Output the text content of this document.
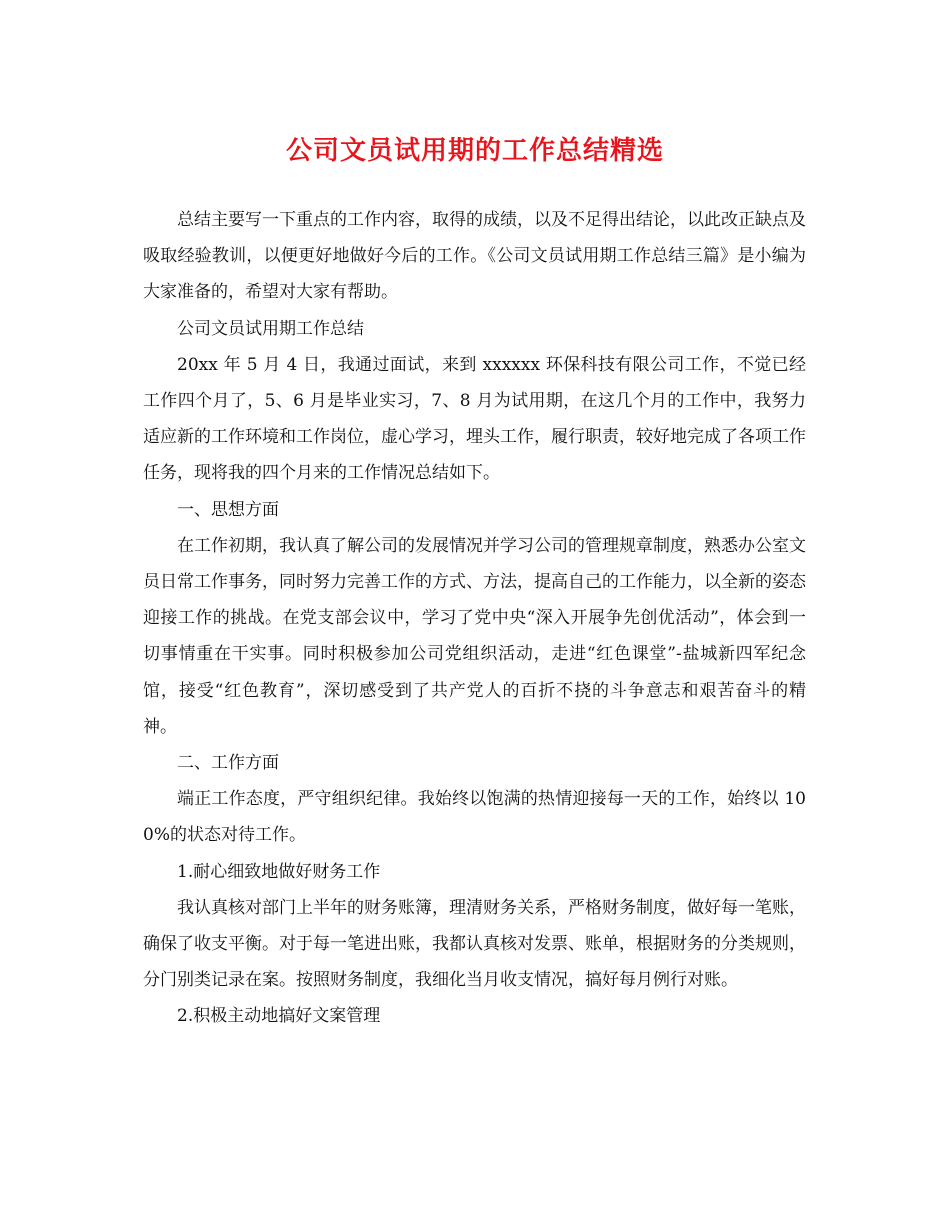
公司文员试用期的工作总结精选

总结主要写一下重点的工作内容，取得的成绩，以及不足得出结论，以此改正缺点及吸取经验教训，以便更好地做好今后的工作。《公司文员试用期工作总结三篇》是小编为大家准备的，希望对大家有帮助。

公司文员试用期工作总结

20xx 年 5 月 4 日，我通过面试，来到 xxxxxx 环保科技有限公司工作，不觉已经工作四个月了，5、6 月是毕业实习，7、8 月为试用期，在这几个月的工作中，我努力适应新的工作环境和工作岗位，虚心学习，埋头工作，履行职责，较好地完成了各项工作任务，现将我的四个月来的工作情况总结如下。

一、思想方面

在工作初期，我认真了解公司的发展情况并学习公司的管理规章制度，熟悉办公室文员日常工作事务，同时努力完善工作的方式、方法，提高自己的工作能力，以全新的姿态迎接工作的挑战。在党支部会议中，学习了党中央“深入开展争先创优活动”，体会到一切事情重在干实事。同时积极参加公司党组织活动，走进“红色课堂”-盐城新四军纪念馆，接受“红色教育”，深切感受到了共产党人的百折不挠的斗争意志和艰苦奋斗的精神。

二、工作方面

端正工作态度，严守组织纪律。我始终以饱满的热情迎接每一天的工作，始终以 100%的状态对待工作。

1.耐心细致地做好财务工作

我认真核对部门上半年的财务账簿，理清财务关系，严格财务制度，做好每一笔账，确保了收支平衡。对于每一笔进出账，我都认真核对发票、账单，根据财务的分类规则，分门别类记录在案。按照财务制度，我细化当月收支情况，搞好每月例行对账。

2.积极主动地搞好文案管理
